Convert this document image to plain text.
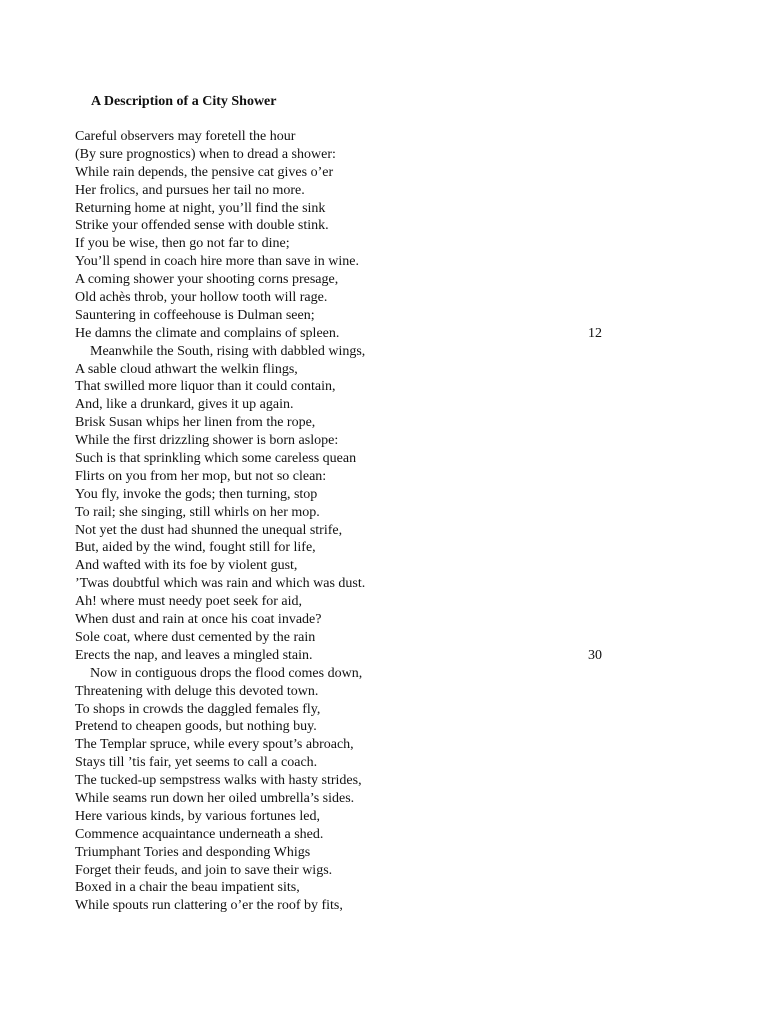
A Description of a City Shower
Careful observers may foretell the hour
(By sure prognostics) when to dread a shower:
While rain depends, the pensive cat gives o’er
Her frolics, and pursues her tail no more.
Returning home at night, you’ll find the sink
Strike your offended sense with double stink.
If you be wise, then go not far to dine;
You’ll spend in coach hire more than save in wine.
A coming shower your shooting corns presage,
Old achès throb, your hollow tooth will rage.
Sauntering in coffeehouse is Dulman seen;
He damns the climate and complains of spleen.	12
Meanwhile the South, rising with dabbled wings,
A sable cloud athwart the welkin flings,
That swilled more liquor than it could contain,
And, like a drunkard, gives it up again.
Brisk Susan whips her linen from the rope,
While the first drizzling shower is born aslope:
Such is that sprinkling which some careless quean
Flirts on you from her mop, but not so clean:
You fly, invoke the gods; then turning, stop
To rail; she singing, still whirls on her mop.
Not yet the dust had shunned the unequal strife,
But, aided by the wind, fought still for life,
And wafted with its foe by violent gust,
’Twas doubtful which was rain and which was dust.
Ah! where must needy poet seek for aid,
When dust and rain at once his coat invade?
Sole coat, where dust cemented by the rain
Erects the nap, and leaves a mingled stain.	30
Now in contiguous drops the flood comes down,
Threatening with deluge this devoted town.
To shops in crowds the daggled females fly,
Pretend to cheapen goods, but nothing buy.
The Templar spruce, while every spout’s abroach,
Stays till ’tis fair, yet seems to call a coach.
The tucked-up sempstress walks with hasty strides,
While seams run down her oiled umbrella’s sides.
Here various kinds, by various fortunes led,
Commence acquaintance underneath a shed.
Triumphant Tories and desponding Whigs
Forget their feuds, and join to save their wigs.
Boxed in a chair the beau impatient sits,
While spouts run clattering o’er the roof by fits,
